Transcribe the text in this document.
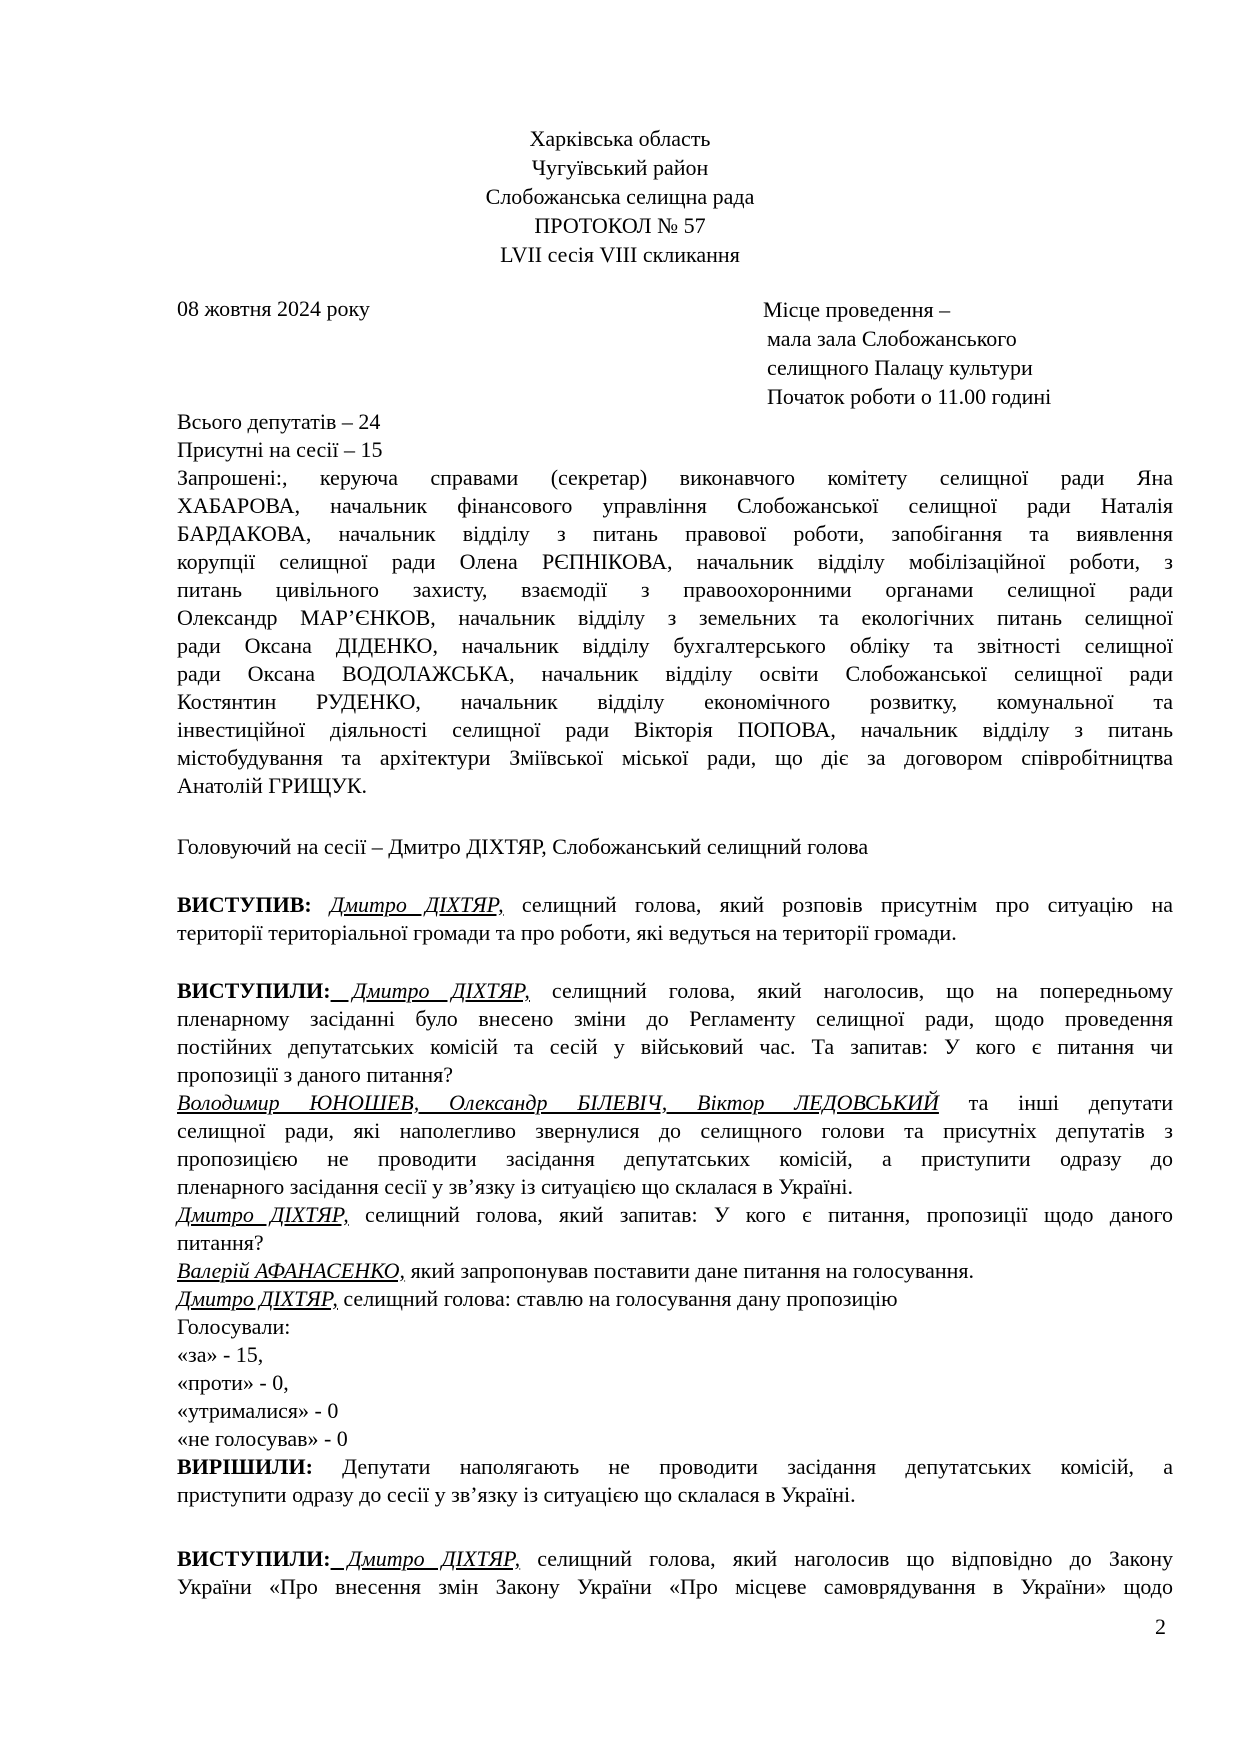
Харківська область
Чугуївський район
Слобожанська селищна рада
ПРОТОКОЛ № 57
LVІI сесія VIIІ скликання
08 жовтня 2024 року	Місце проведення –
мала зала Слобожанського
селищного Палацу культури
Початок роботи о 11.00 годині
Всього депутатів – 24
Присутні на сесії – 15
Запрошені:, керуюча справами (секретар) виконавчого комітету селищної ради Яна
ХАБАРОВА, начальник фінансового управління Слобожанської селищної ради Наталія
БАРДАКОВА, начальник відділу з питань правової роботи, запобігання та виявлення
корупції селищної ради Олена РЄПНІКОВА, начальник відділу мобілізаційної роботи, з
питань цивільного захисту, взаємодії з правоохоронними органами селищної ради
Олександр МАР’ЄНКОВ, начальник відділу з земельних та екологічних питань селищної
ради Оксана ДІДЕНКО, начальник відділу бухгалтерського обліку та звітності селищної
ради Оксана ВОДОЛАЖСЬКА, начальник відділу освіти Слобожанської селищної ради
Костянтин РУДЕНКО, начальник відділу економічного розвитку, комунальної та
інвестиційної діяльності селищної ради Вікторія ПОПОВА, начальник відділу з питань
містобудування та архітектури Зміївської міської ради, що діє за договором співробітництва
Анатолій ГРИЩУК.
Головуючий на сесії – Дмитро ДІХТЯР, Слобожанський селищний голова
ВИСТУПИВ: Дмитро ДІХТЯР, селищний голова, який розповів присутнім про ситуацію на
території територіальної громади та про роботи, які ведуться на території громади.
ВИСТУПИЛИ: Дмитро ДІХТЯР, селищний голова, який наголосив, що на попередньому
пленарному засіданні було внесено зміни до Регламенту селищної ради, щодо проведення
постійних депутатських комісій та сесій у військовий час. Та запитав: У кого є питання чи
пропозиції з даного питання?
Володимир ЮНОШЕВ, Олександр БІЛЕВІЧ, Віктор ЛЕДОВСЬКИЙ та інші депутати
селищної ради, які наполегливо звернулися до селищного голови та присутніх депутатів з
пропозицією не проводити засідання депутатських комісій, а приступити одразу до
пленарного засідання сесії у зв’язку із ситуацією що склалася в Україні.
Дмитро ДІХТЯР, селищний голова, який запитав: У кого є питання, пропозиції щодо даного
питання?
Валерій АФАНАСЕНКО, який запропонував поставити дане питання на голосування.
Дмитро ДІХТЯР, селищний голова: ставлю на голосування дану пропозицію
Голосували:
«за» - 15,
«проти» - 0,
«утрималися» - 0
«не голосував» - 0
ВИРІШИЛИ: Депутати наполягають не проводити засідання депутатських комісій, а
приступити одразу до сесії у зв’язку із ситуацією що склалася в Україні.
ВИСТУПИЛИ: Дмитро ДІХТЯР, селищний голова, який наголосив що відповідно до Закону
України «Про внесення змін Закону України «Про місцеве самоврядування в України» щодо
2
